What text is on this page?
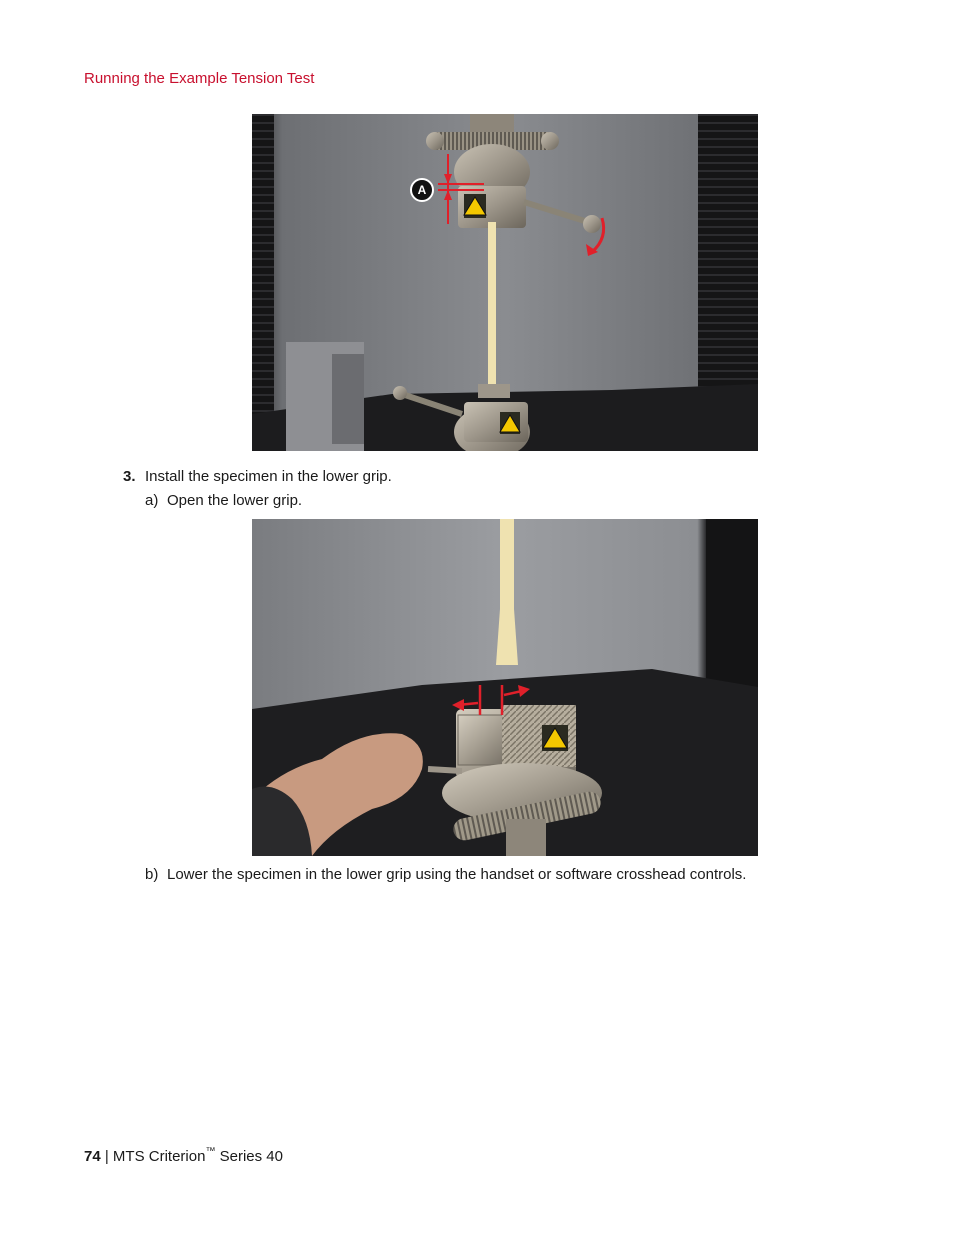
Running the Example Tension Test
A
3. Install the specimen in the lower grip.
a) Open the lower grip.
b) Lower the specimen in the lower grip using the handset or software crosshead controls.
74 | MTS Criterion™ Series 40
